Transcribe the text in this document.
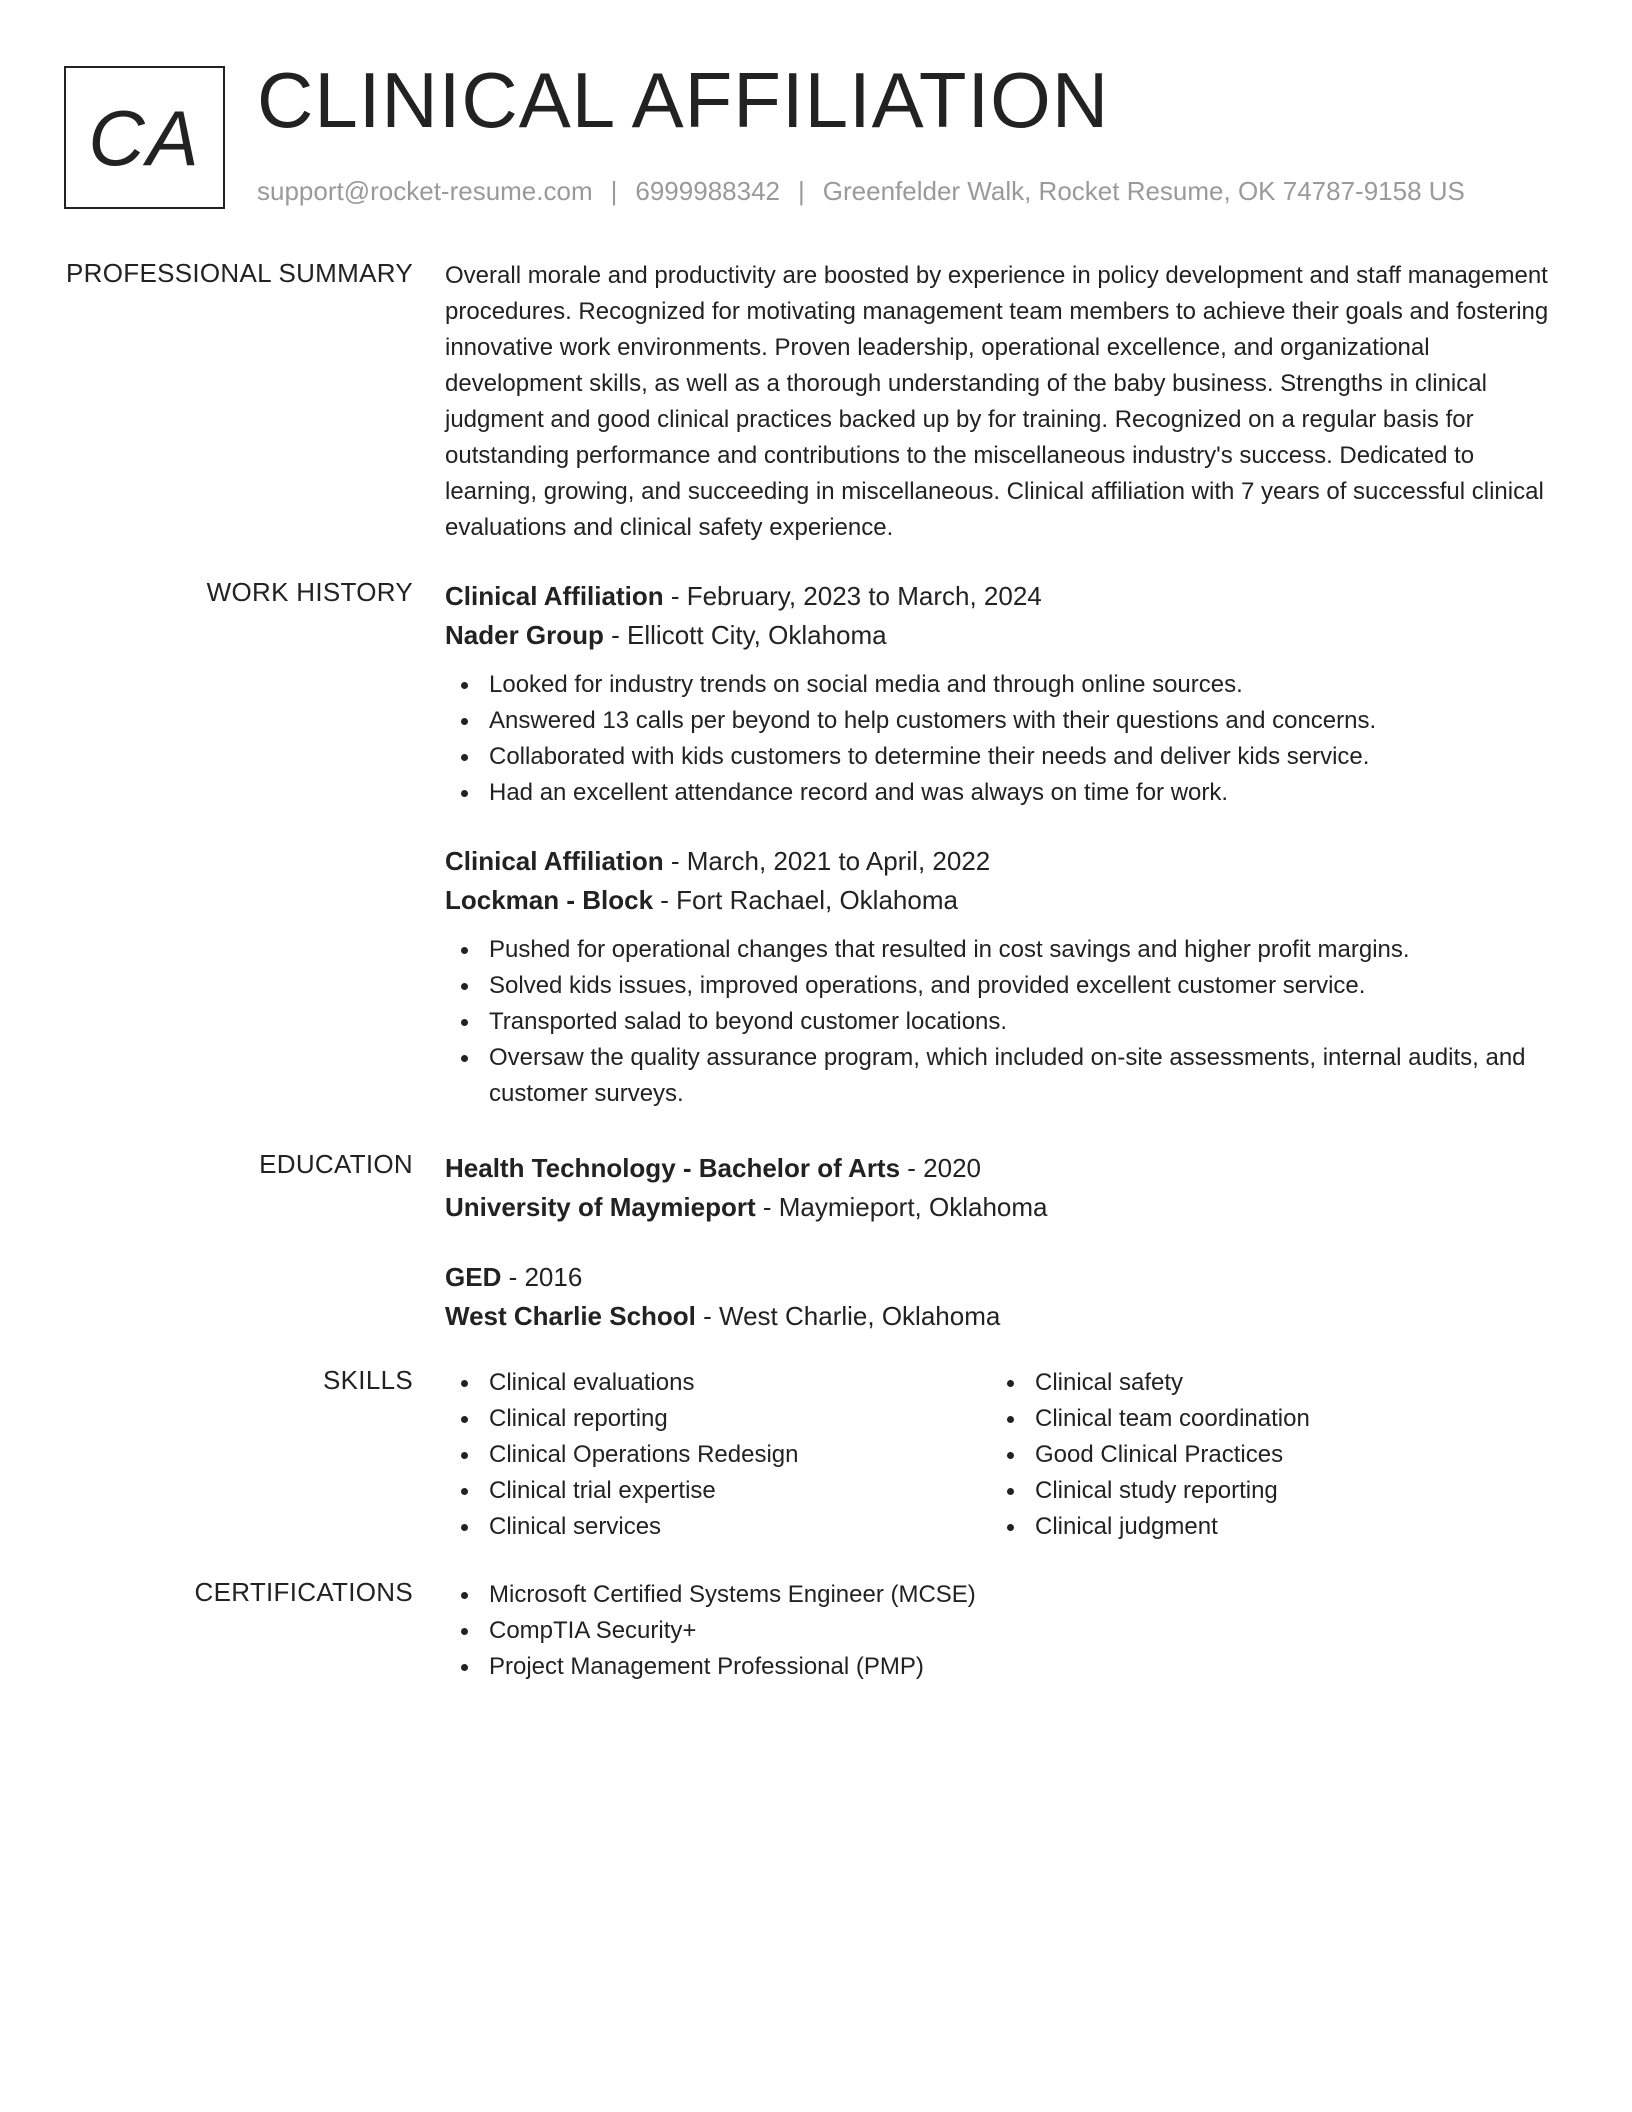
CA CLINICAL AFFILIATION
support@rocket-resume.com | 6999988342 | Greenfelder Walk, Rocket Resume, OK 74787-9158 US
PROFESSIONAL SUMMARY Overall morale and productivity are boosted by experience in policy development and staff management procedures. Recognized for motivating management team members to achieve their goals and fostering innovative work environments. Proven leadership, operational excellence, and organizational development skills, as well as a thorough understanding of the baby business. Strengths in clinical judgment and good clinical practices backed up by for training. Recognized on a regular basis for outstanding performance and contributions to the miscellaneous industry's success. Dedicated to learning, growing, and succeeding in miscellaneous. Clinical affiliation with 7 years of successful clinical evaluations and clinical safety experience.
WORK HISTORY Clinical Affiliation - February, 2023 to March, 2024
Nader Group - Ellicott City, Oklahoma
Looked for industry trends on social media and through online sources.
Answered 13 calls per beyond to help customers with their questions and concerns.
Collaborated with kids customers to determine their needs and deliver kids service.
Had an excellent attendance record and was always on time for work.
Clinical Affiliation - March, 2021 to April, 2022
Lockman - Block - Fort Rachael, Oklahoma
Pushed for operational changes that resulted in cost savings and higher profit margins.
Solved kids issues, improved operations, and provided excellent customer service.
Transported salad to beyond customer locations.
Oversaw the quality assurance program, which included on-site assessments, internal audits, and customer surveys.
EDUCATION Health Technology - Bachelor of Arts - 2020
University of Maymieport - Maymieport, Oklahoma
GED - 2016
West Charlie School - West Charlie, Oklahoma
SKILLS	Clinical evaluations
Clinical reporting
Clinical Operations Redesign
Clinical trial expertise
Clinical services
Clinical safety
Clinical team coordination
Good Clinical Practices
Clinical study reporting
Clinical judgment
CERTIFICATIONS	Microsoft Certified Systems Engineer (MCSE)
CompTIA Security+
Project Management Professional (PMP)
